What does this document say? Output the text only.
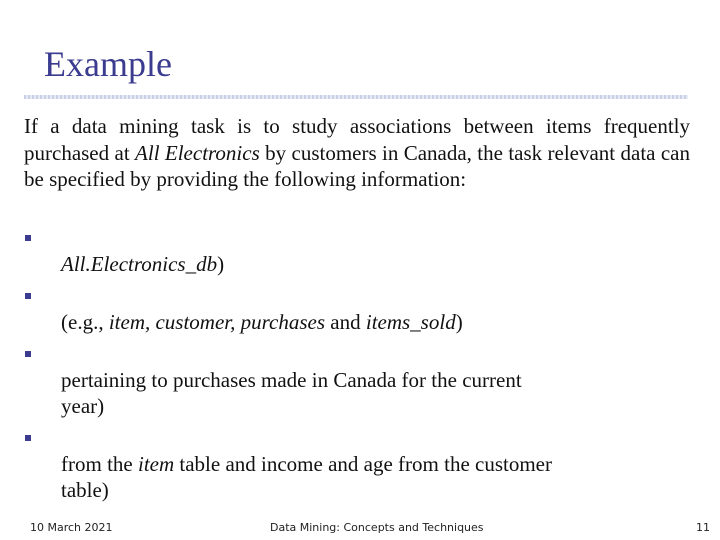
Example

If a data mining task is to study associations between items frequently purchased at All Electronics by customers in Canada, the task relevant data can be specified by providing the following information:

All.Electronics_db)

(e.g., item, customer, purchases and items_sold)

pertaining to purchases made in Canada for the current
year)

from the item table and income and age from the customer
table)

10 March 2021	Data Mining: Concepts and Techniques	11
